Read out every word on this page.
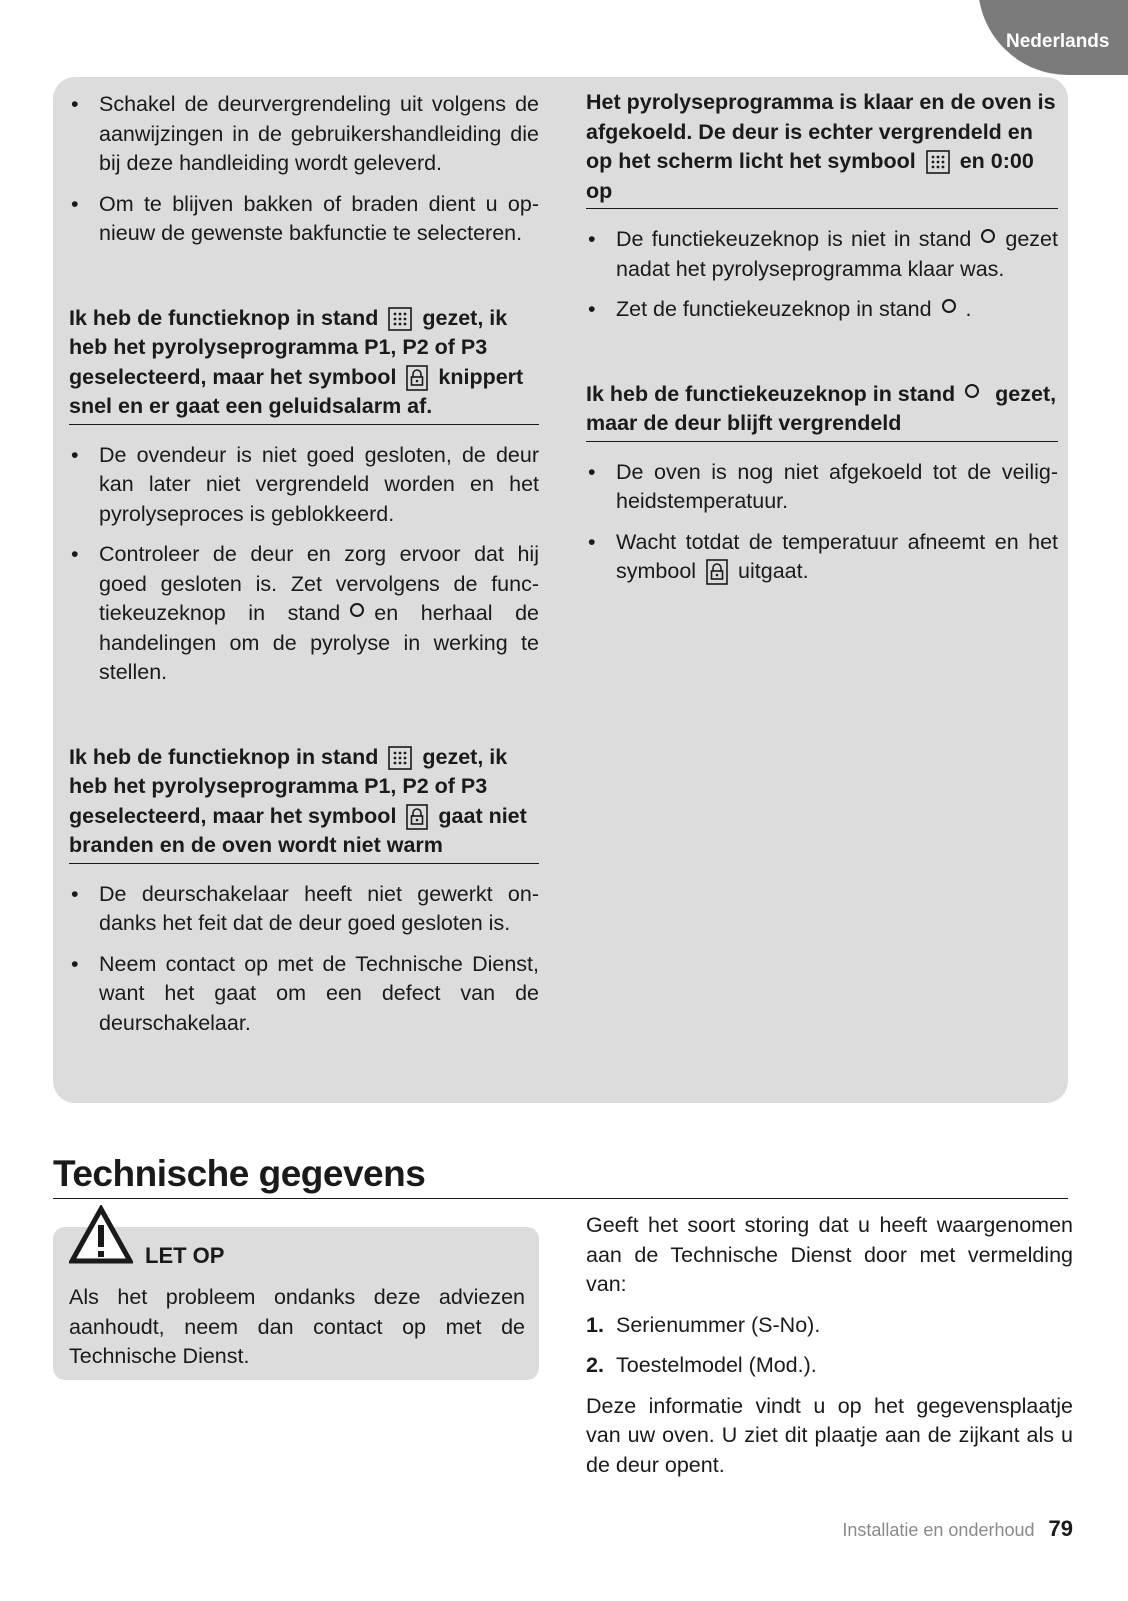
Nederlands
• Schakel de deurvergrendeling uit volgens de aanwijzingen in de gebruikershandleiding die bij deze handleiding wordt geleverd.
• Om te blijven bakken of braden dient u opnieuw de gewenste bakfunctie te selecteren.
Ik heb de functieknop in stand gezet, ik heb het pyrolyseprogramma P1, P2 of P3 geselecteerd, maar het symbool knippert snel en er gaat een geluidsalarm af.
• De ovendeur is niet goed gesloten, de deur kan later niet vergrendeld worden en het pyrolyseproces is geblokkeerd.
• Controleer de deur en zorg ervoor dat hij goed gesloten is. Zet vervolgens de functiekeuzeknop in stand en herhaal de handelingen om de pyrolyse in werking te stellen.
Ik heb de functieknop in stand gezet, ik heb het pyrolyseprogramma P1, P2 of P3 geselecteerd, maar het symbool gaat niet branden en de oven wordt niet warm
• De deurschakelaar heeft niet gewerkt ondanks het feit dat de deur goed gesloten is.
• Neem contact op met de Technische Dienst, want het gaat om een defect van de deurschakelaar.
Het pyrolyseprogramma is klaar en de oven is afgekoeld. De deur is echter vergrendeld en op het scherm licht het symbool en 0:00 op
• De functiekeuzeknop is niet in stand gezet nadat het pyrolyseprogramma klaar was.
• Zet de functiekeuzeknop in stand .
Ik heb de functiekeuzeknop in stand gezet, maar de deur blijft vergrendeld
• De oven is nog niet afgekoeld tot de veiligheidstemperatuur.
• Wacht totdat de temperatuur afneemt en het symbool uitgaat.
Technische gegevens
LET OP
Als het probleem ondanks deze adviezen aanhoudt, neem dan contact op met de Technische Dienst.

Geeft het soort storing dat u heeft waargenomen aan de Technische Dienst door met vermelding van:

1. Serienummer (S-No).
2. Toestelmodel (Mod.).

Deze informatie vindt u op het gegevensplaatje van uw oven. U ziet dit plaatje aan de zijkant als u de deur opent.

Installatie en onderhoud 79
